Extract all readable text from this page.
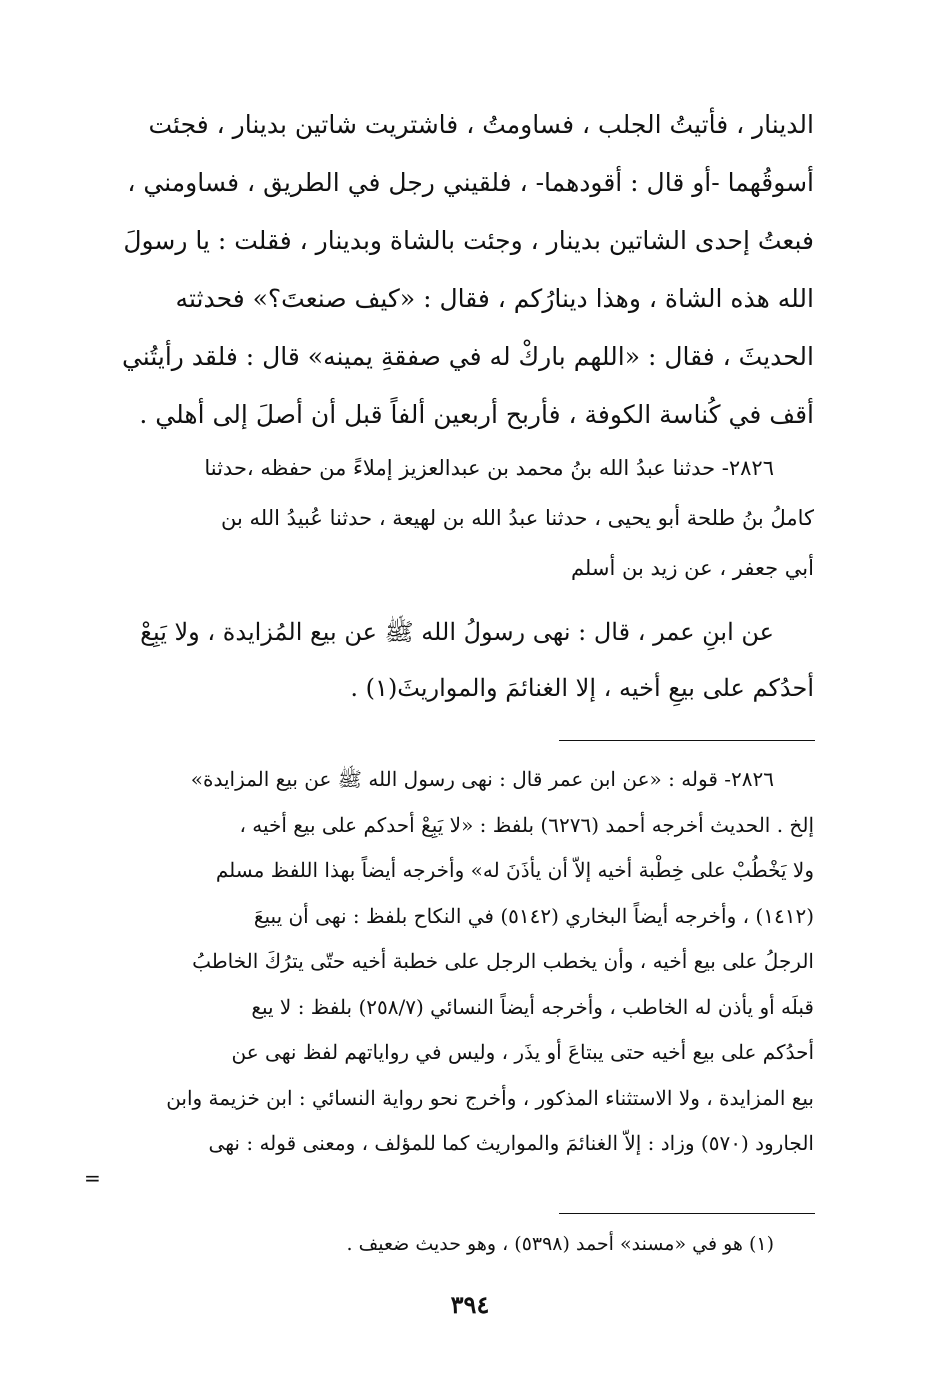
الدينار ، فأتيتُ الجلب ، فساومتُ ، فاشتريت شاتين بدينار ، فجئت
أسوقُهما -أو قال : أقودهما- ، فلقيني رجل في الطريق ، فساومني ،
فبعتُ إحدى الشاتين بدينار ، وجئت بالشاة وبدينار ، فقلت : يا رسولَ
الله هذه الشاة ، وهذا دينارُكم ، فقال : «كيف صنعتَ؟» فحدثته
الحديثَ ، فقال : «اللهم باركْ له في صفقةِ يمينه» قال : فلقد رأيتُني
أقف في كُناسة الكوفة ، فأربح أربعين ألفاً قبل أن أصلَ إلى أهلي .
٢٨٢٦- حدثنا عبدُ الله بنُ محمد بن عبدالعزيز إملاءً من حفظه ،حدثنا
كاملُ بنُ طلحة أبو يحيى ، حدثنا عبدُ الله بن لهيعة ، حدثنا عُبيدُ الله بن
أبي جعفر ، عن زيد بن أسلم
عن ابنِ عمر ، قال : نهى رسولُ الله ﷺ عن بيع المُزايدة ، ولا يَبِعْ
أحدُكم على بيعِ أخيه ، إلا الغنائمَ والمواريثَ(١) .
٢٨٢٦- قوله : «عن ابن عمر قال : نهى رسول الله ﷺ عن بيع المزايدة»
إلخ . الحديث أخرجه أحمد (٦٢٧٦) بلفظ : «لا يَبِعْ أحدكم على بيع أخيه ،
ولا يَخْطُبْ على خِطْبة أخيه إلاّ أن يأذَنَ له» وأخرجه أيضاً بهذا اللفظ مسلم
(١٤١٢) ، وأخرجه أيضاً البخاري (٥١٤٢) في النكاح بلفظ : نهى أن يبيعَ
الرجلُ على بيع أخيه ، وأن يخطب الرجل على خطبة أخيه حتّى يترُكَ الخاطبُ
قبلَه أو يأذن له الخاطب ، وأخرجه أيضاً النسائي (٢٥٨/٧) بلفظ : لا يبع
أحدُكم على بيع أخيه حتى يبتاعَ أو يذَر ، وليس في رواياتهم لفظ نهى عن
بيع المزايدة ، ولا الاستثناء المذكور ، وأخرج نحو رواية النسائي : ابن خزيمة وابن
الجارود (٥٧٠) وزاد : إلاّ الغنائمَ والمواريث كما للمؤلف ، ومعنى قوله : نهى
=
(١) هو في «مسند» أحمد (٥٣٩٨) ، وهو حديث ضعيف .
٣٩٤
